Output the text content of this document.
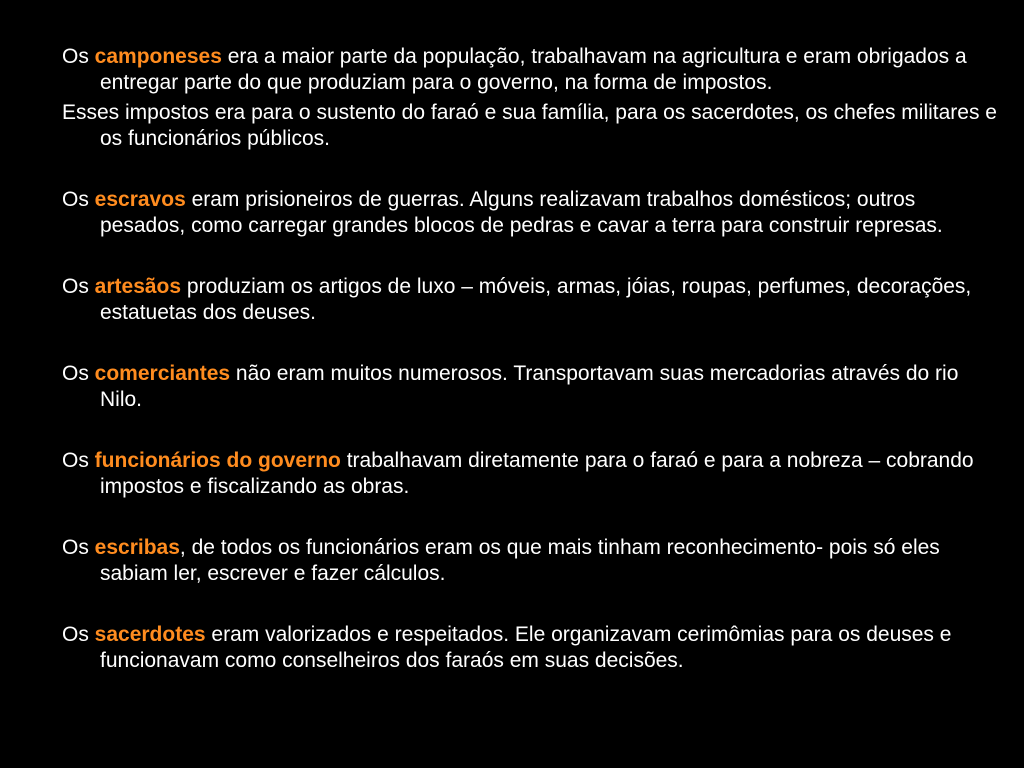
Os camponeses era a maior parte da população, trabalhavam na agricultura e eram obrigados a entregar parte do que produziam para o governo, na forma de impostos.

Esses impostos era para o sustento do faraó e sua família, para os sacerdotes, os chefes militares e os funcionários públicos.

Os escravos eram prisioneiros de guerras. Alguns realizavam trabalhos domésticos; outros pesados, como carregar grandes blocos de pedras e cavar a terra para construir represas.

Os artesãos produziam os artigos de luxo – móveis, armas, jóias, roupas, perfumes, decorações, estatuetas dos deuses.

Os comerciantes não eram muitos numerosos. Transportavam suas mercadorias através do rio Nilo.

Os funcionários do governo trabalhavam diretamente para o faraó e para a nobreza – cobrando impostos e fiscalizando as obras.

Os escribas, de todos os funcionários eram os que mais tinham reconhecimento- pois só eles sabiam ler, escrever e fazer cálculos.

Os sacerdotes eram valorizados e respeitados. Ele organizavam cerimômias para os deuses e funcionavam como conselheiros dos faraós em suas decisões.
